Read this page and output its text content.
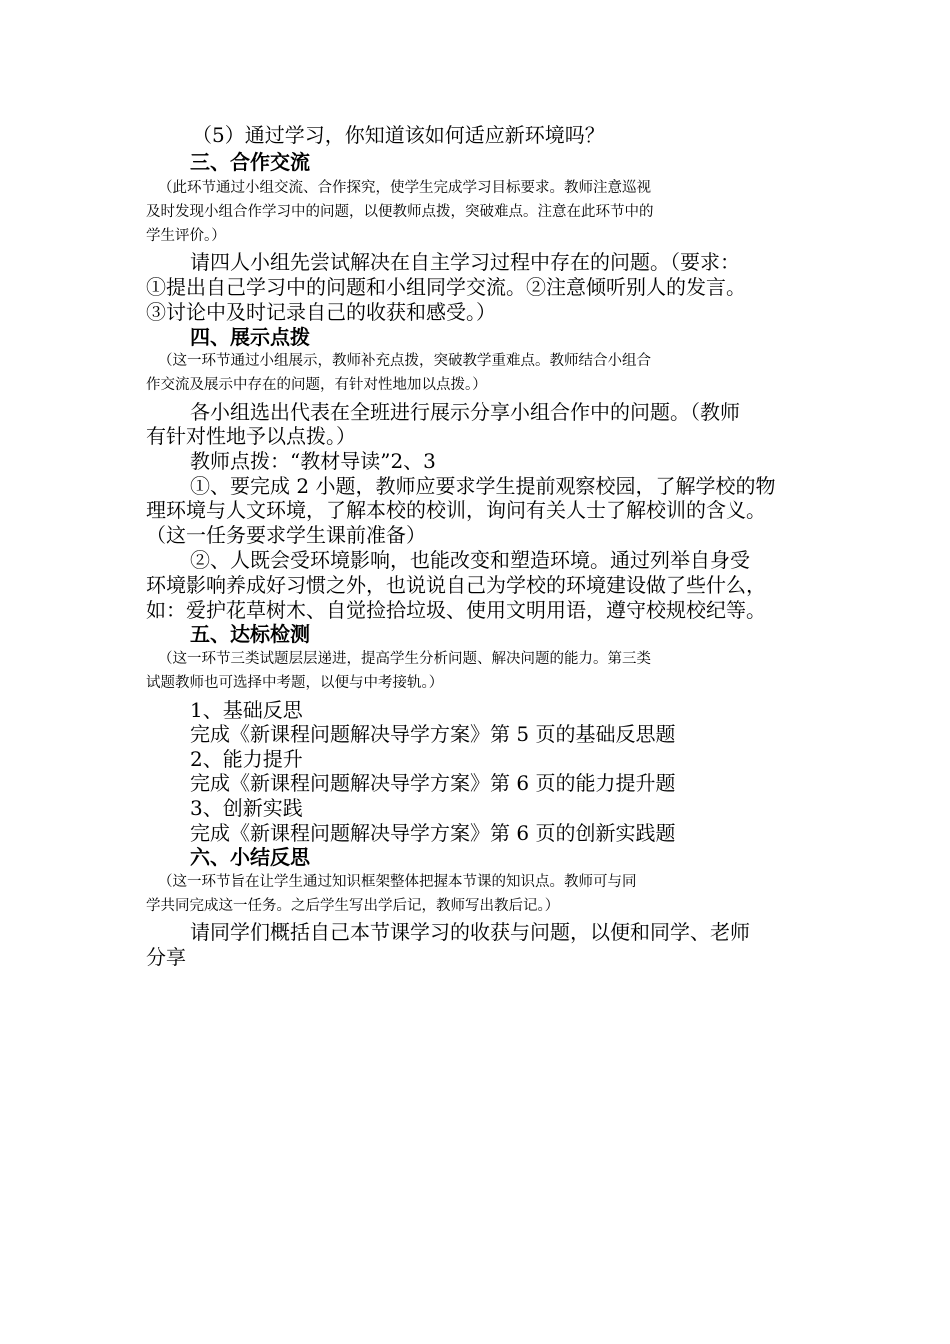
（5）通过学习，你知道该如何适应新环境吗？
三、合作交流
（此环节通过小组交流、合作探究，使学生完成学习目标要求。教师注意巡视
及时发现小组合作学习中的问题，以便教师点拨，突破难点。注意在此环节中的
学生评价。）
请四人小组先尝试解决在自主学习过程中存在的问题。（要求：
①提出自己学习中的问题和小组同学交流。②注意倾听别人的发言。
③讨论中及时记录自己的收获和感受。）
四、展示点拨
（这一环节通过小组展示，教师补充点拨，突破教学重难点。教师结合小组合
作交流及展示中存在的问题，有针对性地加以点拨。）
各小组选出代表在全班进行展示分享小组合作中的问题。（教师
有针对性地予以点拨。）
教师点拨：“教材导读”2、3
①、要完成 2 小题，教师应要求学生提前观察校园，了解学校的物
理环境与人文环境，了解本校的校训，询问有关人士了解校训的含义。
（这一任务要求学生课前准备）
②、人既会受环境影响，也能改变和塑造环境。通过列举自身受
环境影响养成好习惯之外，也说说自己为学校的环境建设做了些什么，
如：爱护花草树木、自觉捡拾垃圾、使用文明用语，遵守校规校纪等。
五、达标检测
（这一环节三类试题层层递进，提高学生分析问题、解决问题的能力。第三类
试题教师也可选择中考题，以便与中考接轨。）
1、基础反思
完成《新课程问题解决导学方案》第 5 页的基础反思题
2、能力提升
完成《新课程问题解决导学方案》第 6 页的能力提升题
3、创新实践
完成《新课程问题解决导学方案》第 6 页的创新实践题
六、小结反思
（这一环节旨在让学生通过知识框架整体把握本节课的知识点。教师可与同
学共同完成这一任务。之后学生写出学后记，教师写出教后记。）
请同学们概括自己本节课学习的收获与问题，以便和同学、老师
分享
